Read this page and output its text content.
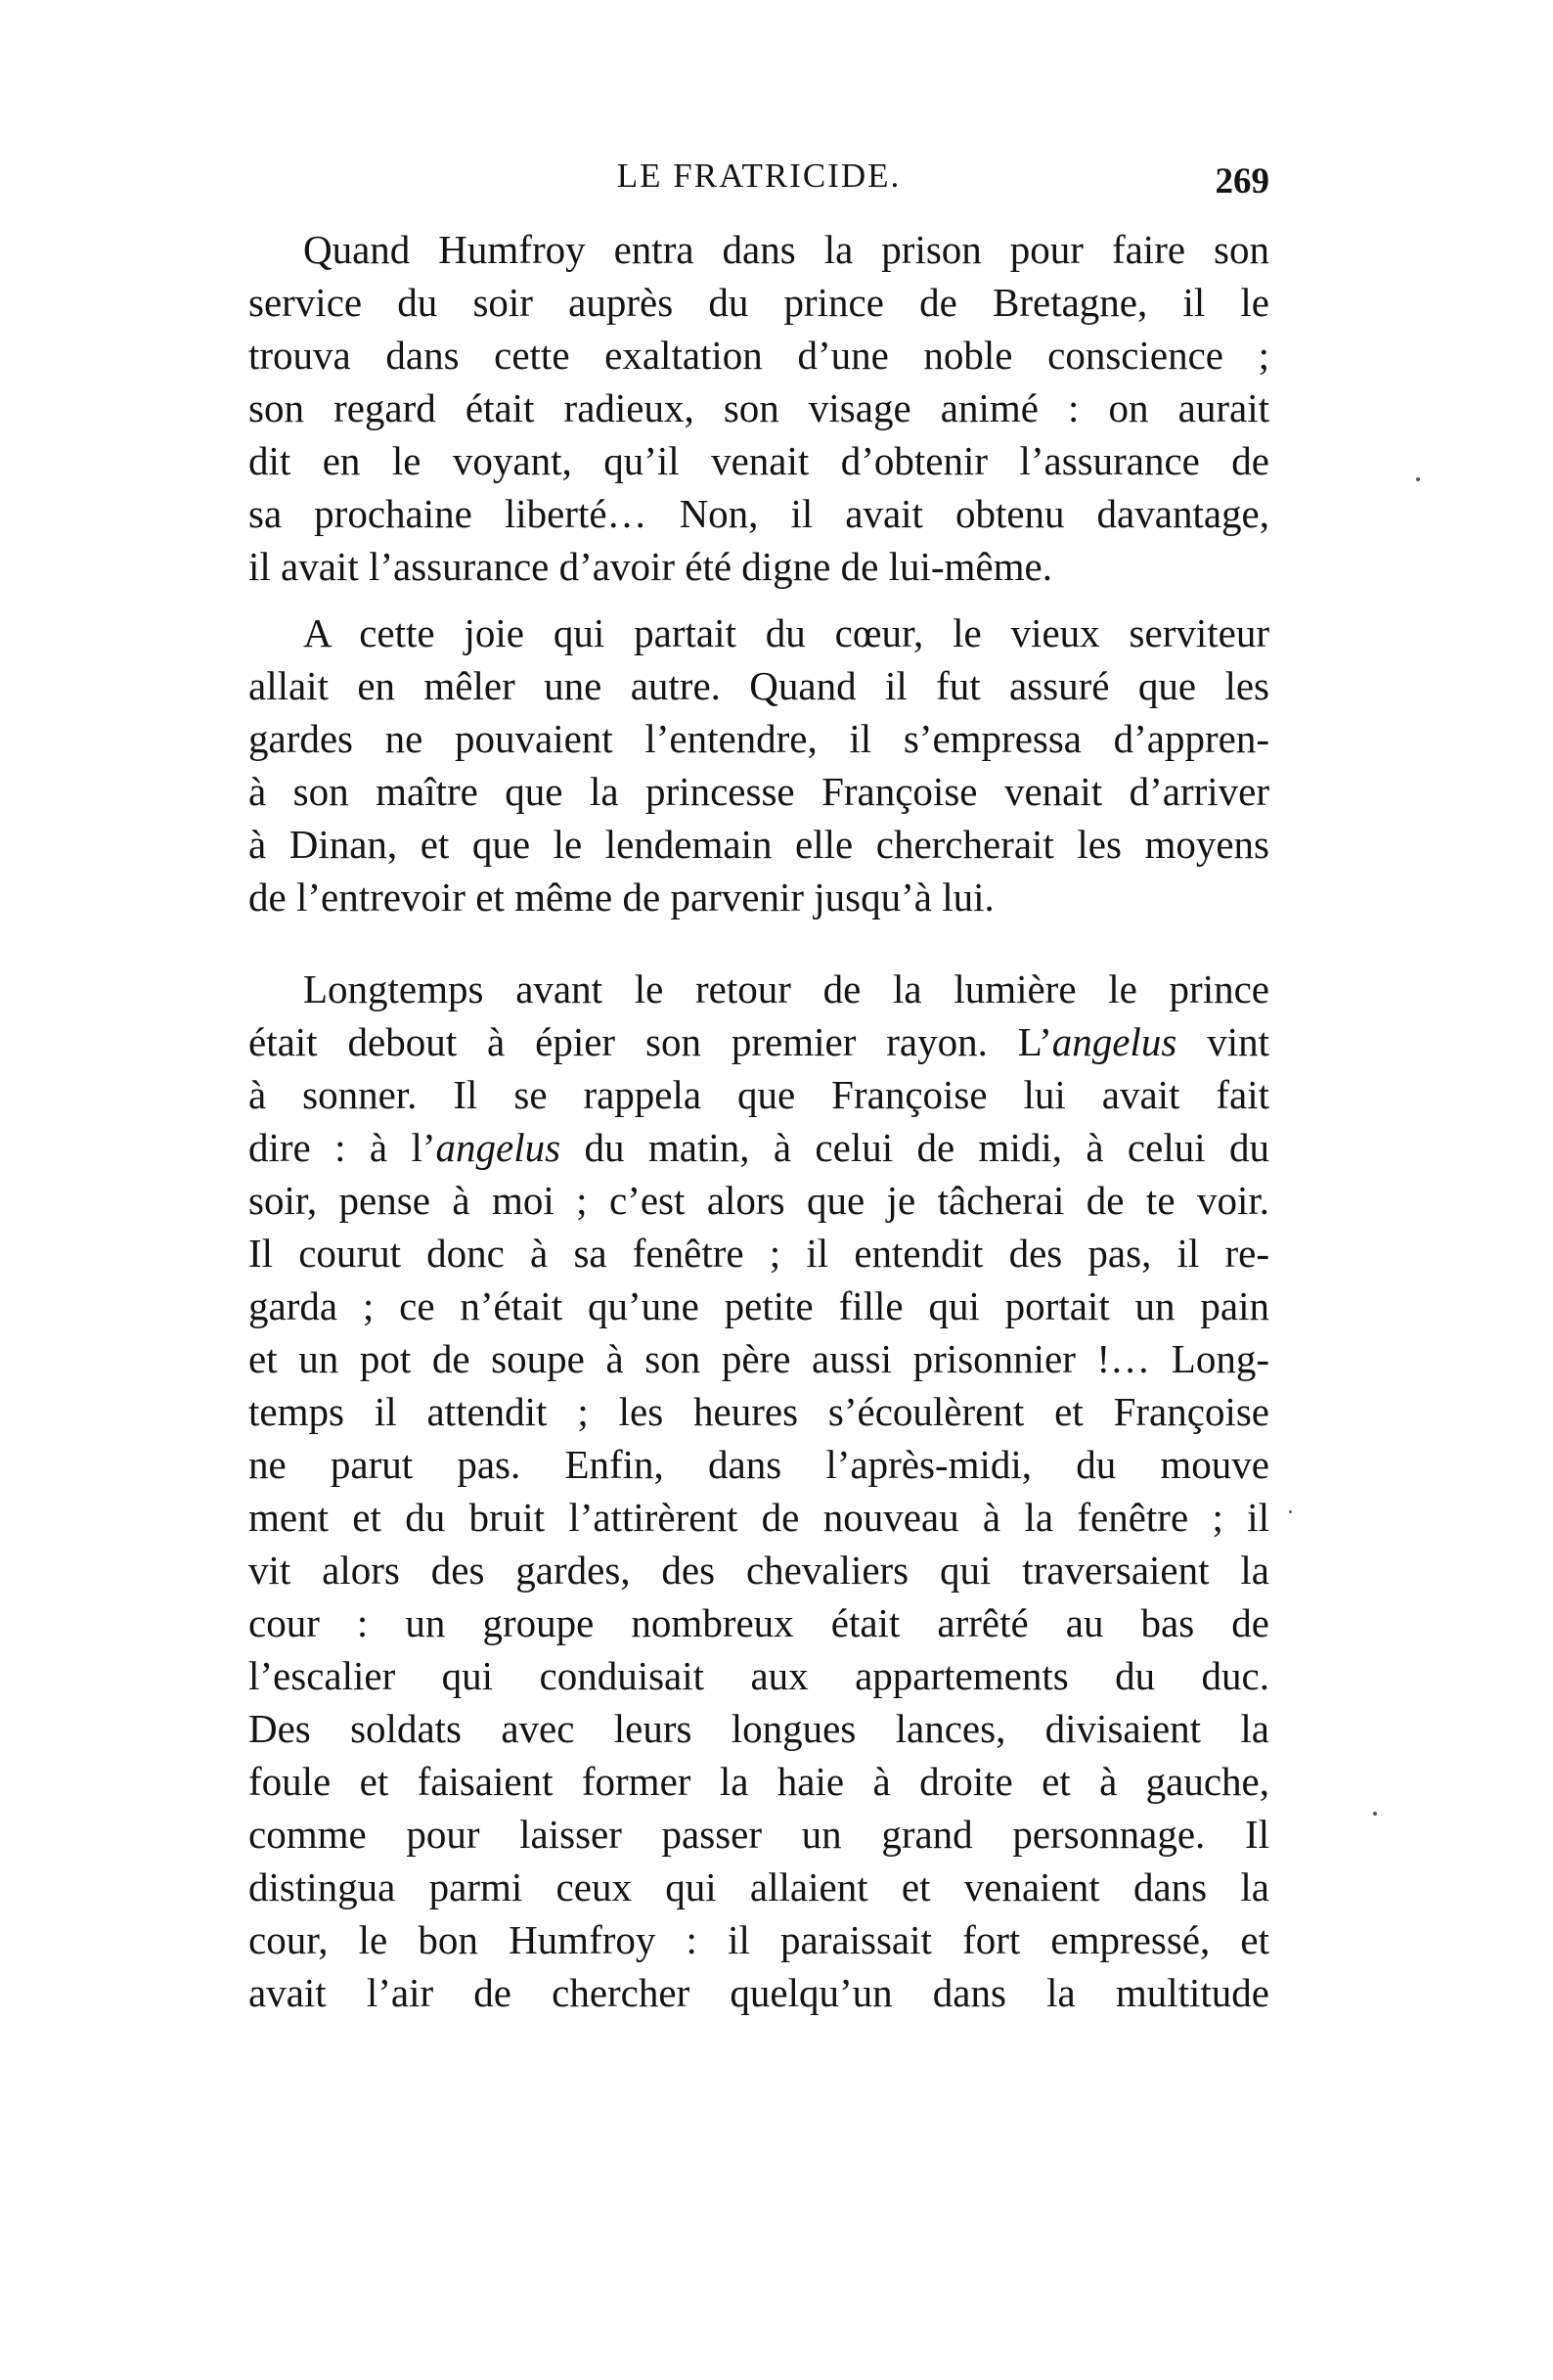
LE FRATRICIDE.	269

Quand Humfroy entra dans la prison pour faire son
service du soir auprès du prince de Bretagne, il le
trouva dans cette exaltation d’une noble conscience ;
son regard était radieux, son visage animé : on aurait
dit en le voyant, qu’il venait d’obtenir l’assurance de
sa prochaine liberté… Non, il avait obtenu davantage,
il avait l’assurance d’avoir été digne de lui-même.

A cette joie qui partait du cœur, le vieux serviteur
allait en mêler une autre. Quand il fut assuré que les
gardes ne pouvaient l’entendre, il s’empressa d’appren-
à son maître que la princesse Françoise venait d’arriver
à Dinan, et que le lendemain elle chercherait les moyens
de l’entrevoir et même de parvenir jusqu’à lui.

Longtemps avant le retour de la lumière le prince
était debout à épier son premier rayon. L’angelus vint
à sonner. Il se rappela que Françoise lui avait fait
dire : à l’angelus du matin, à celui de midi, à celui du
soir, pense à moi ; c’est alors que je tâcherai de te voir.
Il courut donc à sa fenêtre ; il entendit des pas, il re-
garda ; ce n’était qu’une petite fille qui portait un pain
et un pot de soupe à son père aussi prisonnier !… Long-
temps il attendit ; les heures s’écoulèrent et Françoise
ne parut pas. Enfin, dans l’après-midi, du mouve
ment et du bruit l’attirèrent de nouveau à la fenêtre ; il
vit alors des gardes, des chevaliers qui traversaient la
cour : un groupe nombreux était arrêté au bas de
l’escalier qui conduisait aux appartements du duc.
Des soldats avec leurs longues lances, divisaient la
foule et faisaient former la haie à droite et à gauche,
comme pour laisser passer un grand personnage. Il
distingua parmi ceux qui allaient et venaient dans la
cour, le bon Humfroy : il paraissait fort empressé, et
avait l’air de chercher quelqu’un dans la multitude
